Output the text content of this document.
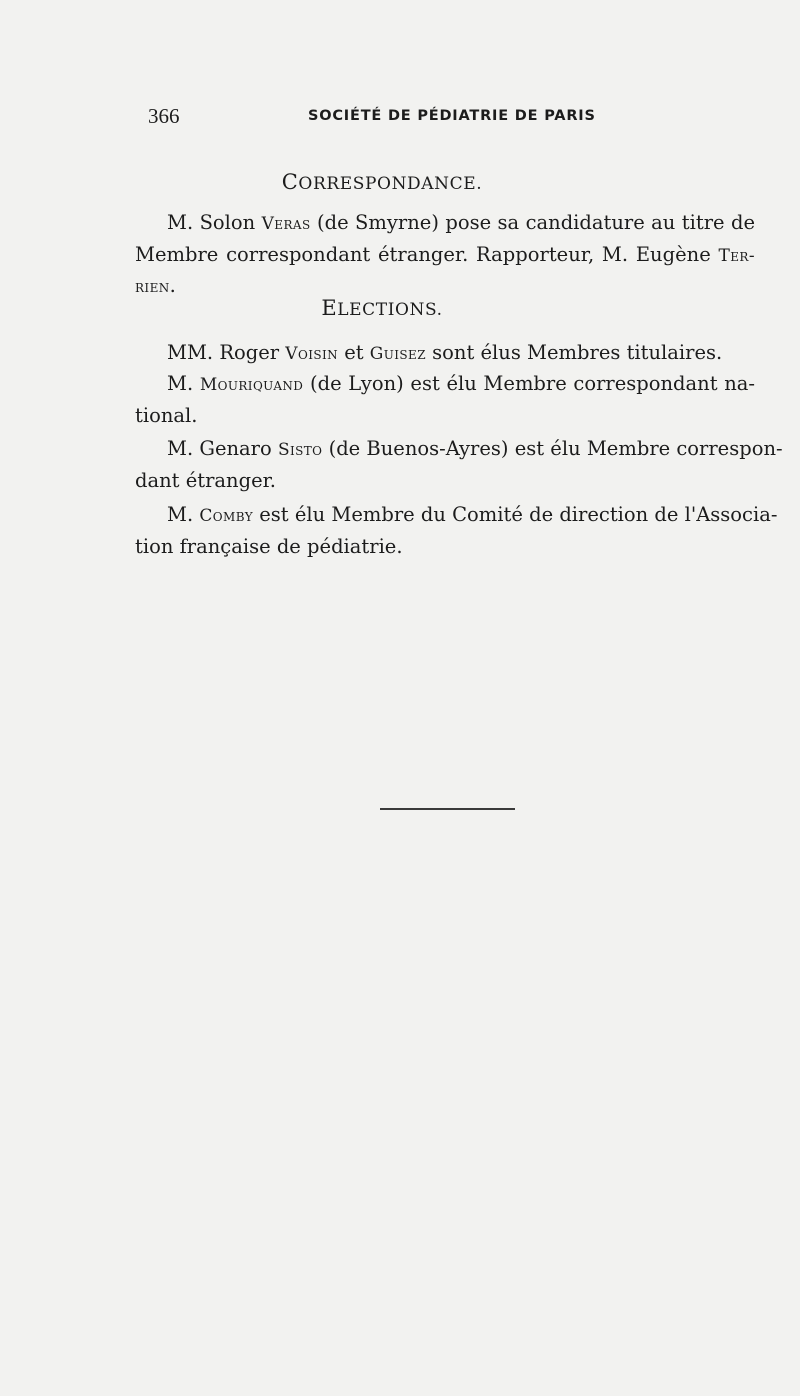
366	SOCIÉTÉ DE PÉDIATRIE DE PARIS
CORRESPONDANCE.
M. Solon Veras (de Smyrne) pose sa candidature au titre de
Membre correspondant étranger. Rapporteur, M. Eugène Ter-
rien.
ELECTIONS.
MM. Roger Voisin et Guisez sont élus Membres titulaires.
M. Mouriquand (de Lyon) est élu Membre correspondant na-
tional.
M. Genaro Sisto (de Buenos-Ayres) est élu Membre correspon-
dant étranger.
M. Comby est élu Membre du Comité de direction de l'Associa-
tion française de pédiatrie.
